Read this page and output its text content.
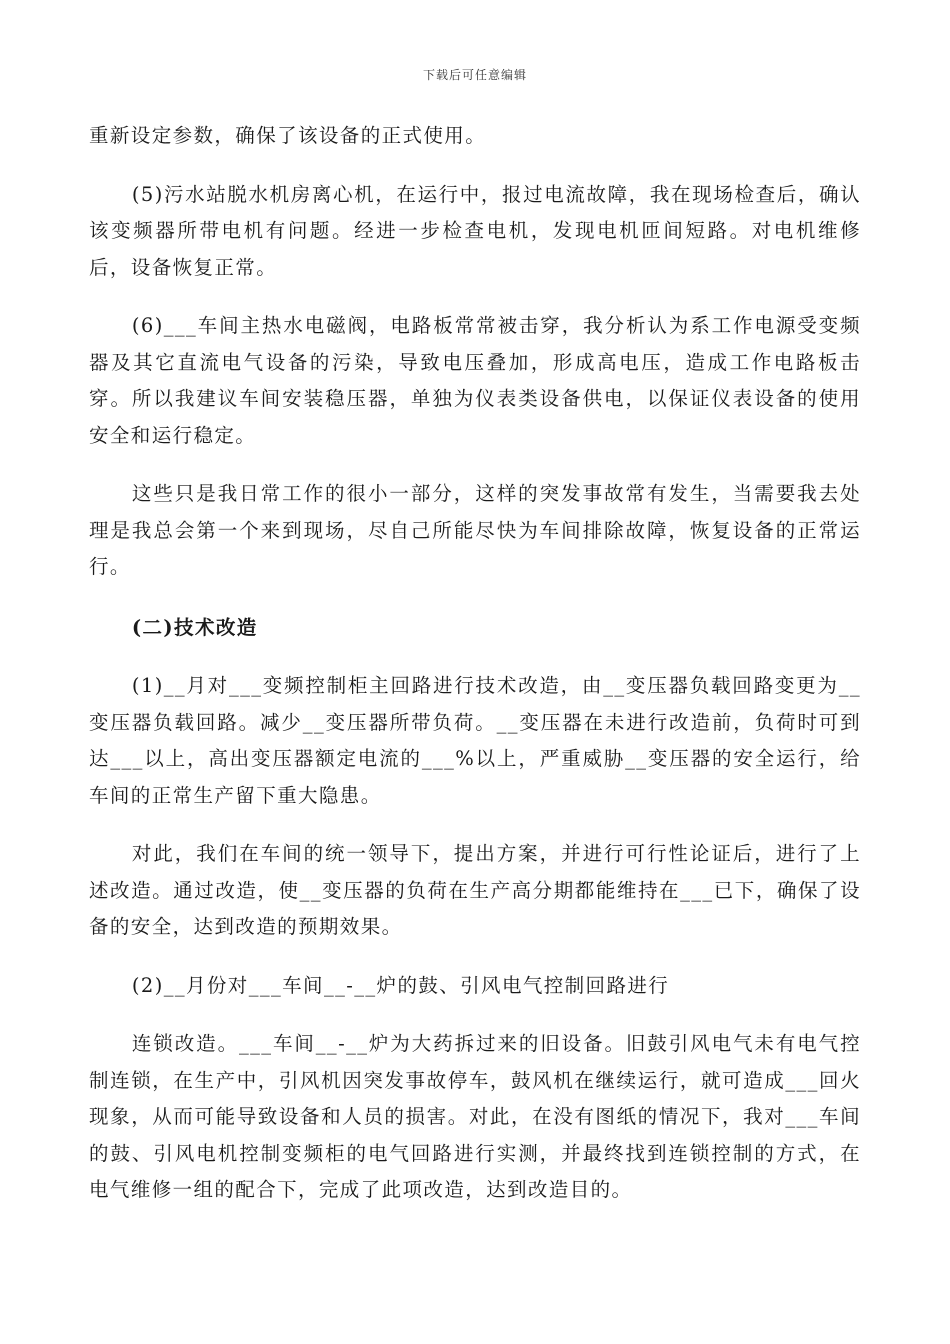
下载后可任意编辑

重新设定参数，确保了该设备的正式使用。

(5)污水站脱水机房离心机，在运行中，报过电流故障，我在现场检查后，确认该变频器所带电机有问题。经进一步检查电机，发现电机匝间短路。对电机维修后，设备恢复正常。

(6)___车间主热水电磁阀，电路板常常被击穿，我分析认为系工作电源受变频器及其它直流电气设备的污染，导致电压叠加，形成高电压，造成工作电路板击穿。所以我建议车间安装稳压器，单独为仪表类设备供电，以保证仪表设备的使用安全和运行稳定。

这些只是我日常工作的很小一部分，这样的突发事故常有发生，当需要我去处理是我总会第一个来到现场，尽自己所能尽快为车间排除故障，恢复设备的正常运行。

(二)技术改造

(1)__月对___变频控制柜主回路进行技术改造，由__变压器负载回路变更为__变压器负载回路。减少__变压器所带负荷。__变压器在未进行改造前，负荷时可到达___以上，高出变压器额定电流的___%以上，严重威胁__变压器的安全运行，给车间的正常生产留下重大隐患。

对此，我们在车间的统一领导下，提出方案，并进行可行性论证后，进行了上述改造。通过改造，使__变压器的负荷在生产高分期都能维持在___已下，确保了设备的安全，达到改造的预期效果。

(2)__月份对___车间__-__炉的鼓、引风电气控制回路进行

连锁改造。___车间__-__炉为大药拆过来的旧设备。旧鼓引风电气未有电气控制连锁，在生产中，引风机因突发事故停车，鼓风机在继续运行，就可造成___回火现象，从而可能导致设备和人员的损害。对此，在没有图纸的情况下，我对___车间的鼓、引风电机控制变频柜的电气回路进行实测，并最终找到连锁控制的方式，在电气维修一组的配合下，完成了此项改造，达到改造目的。
